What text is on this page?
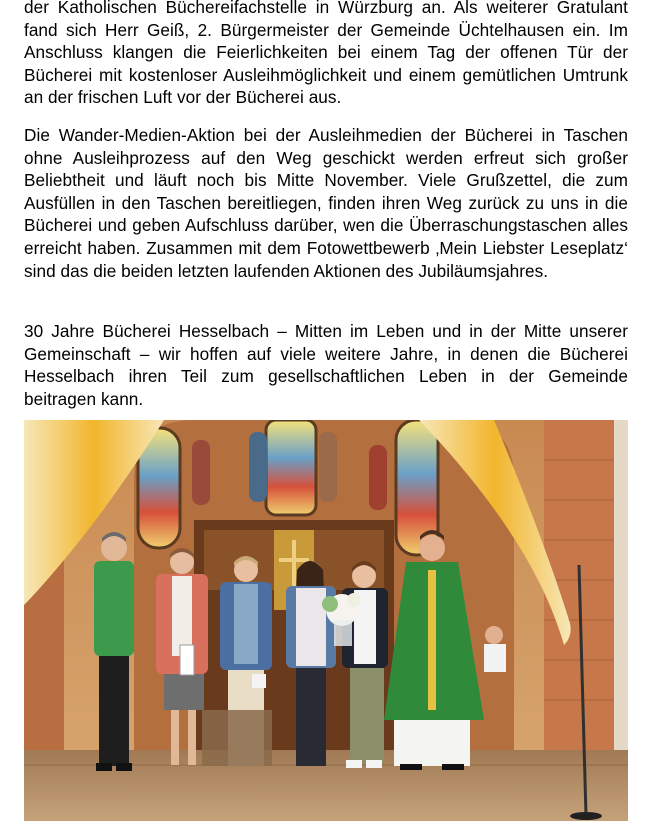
der Katholischen Büchereifachstelle in Würzburg an. Als weiterer Gratulant fand sich Herr Geiß, 2. Bürgermeister der Gemeinde Üchtelhausen ein. Im Anschluss klangen die Feierlichkeiten bei einem Tag der offenen Tür der Bücherei mit kostenloser Ausleihmöglichkeit und einem gemütlichen Umtrunk an der frischen Luft vor der Bücherei aus.

Die Wander-Medien-Aktion bei der Ausleihmedien der Bücherei in Taschen ohne Ausleihprozess auf den Weg geschickt werden erfreut sich großer Beliebtheit und läuft noch bis Mitte November. Viele Grußzettel, die zum Ausfüllen in den Taschen bereitliegen, finden ihren Weg zurück zu uns in die Bücherei und geben Aufschluss darüber, wen die Überraschungstaschen alles erreicht haben. Zusammen mit dem Fotowettbewerb ‚Mein Liebster Leseplatz‘ sind das die beiden letzten laufenden Aktionen des Jubiläumsjahres.

30 Jahre Bücherei Hesselbach – Mitten im Leben und in der Mitte unserer Gemeinschaft – wir hoffen auf viele weitere Jahre, in denen die Bücherei Hesselbach ihren Teil zum gesellschaftlichen Leben in der Gemeinde beitragen kann.
